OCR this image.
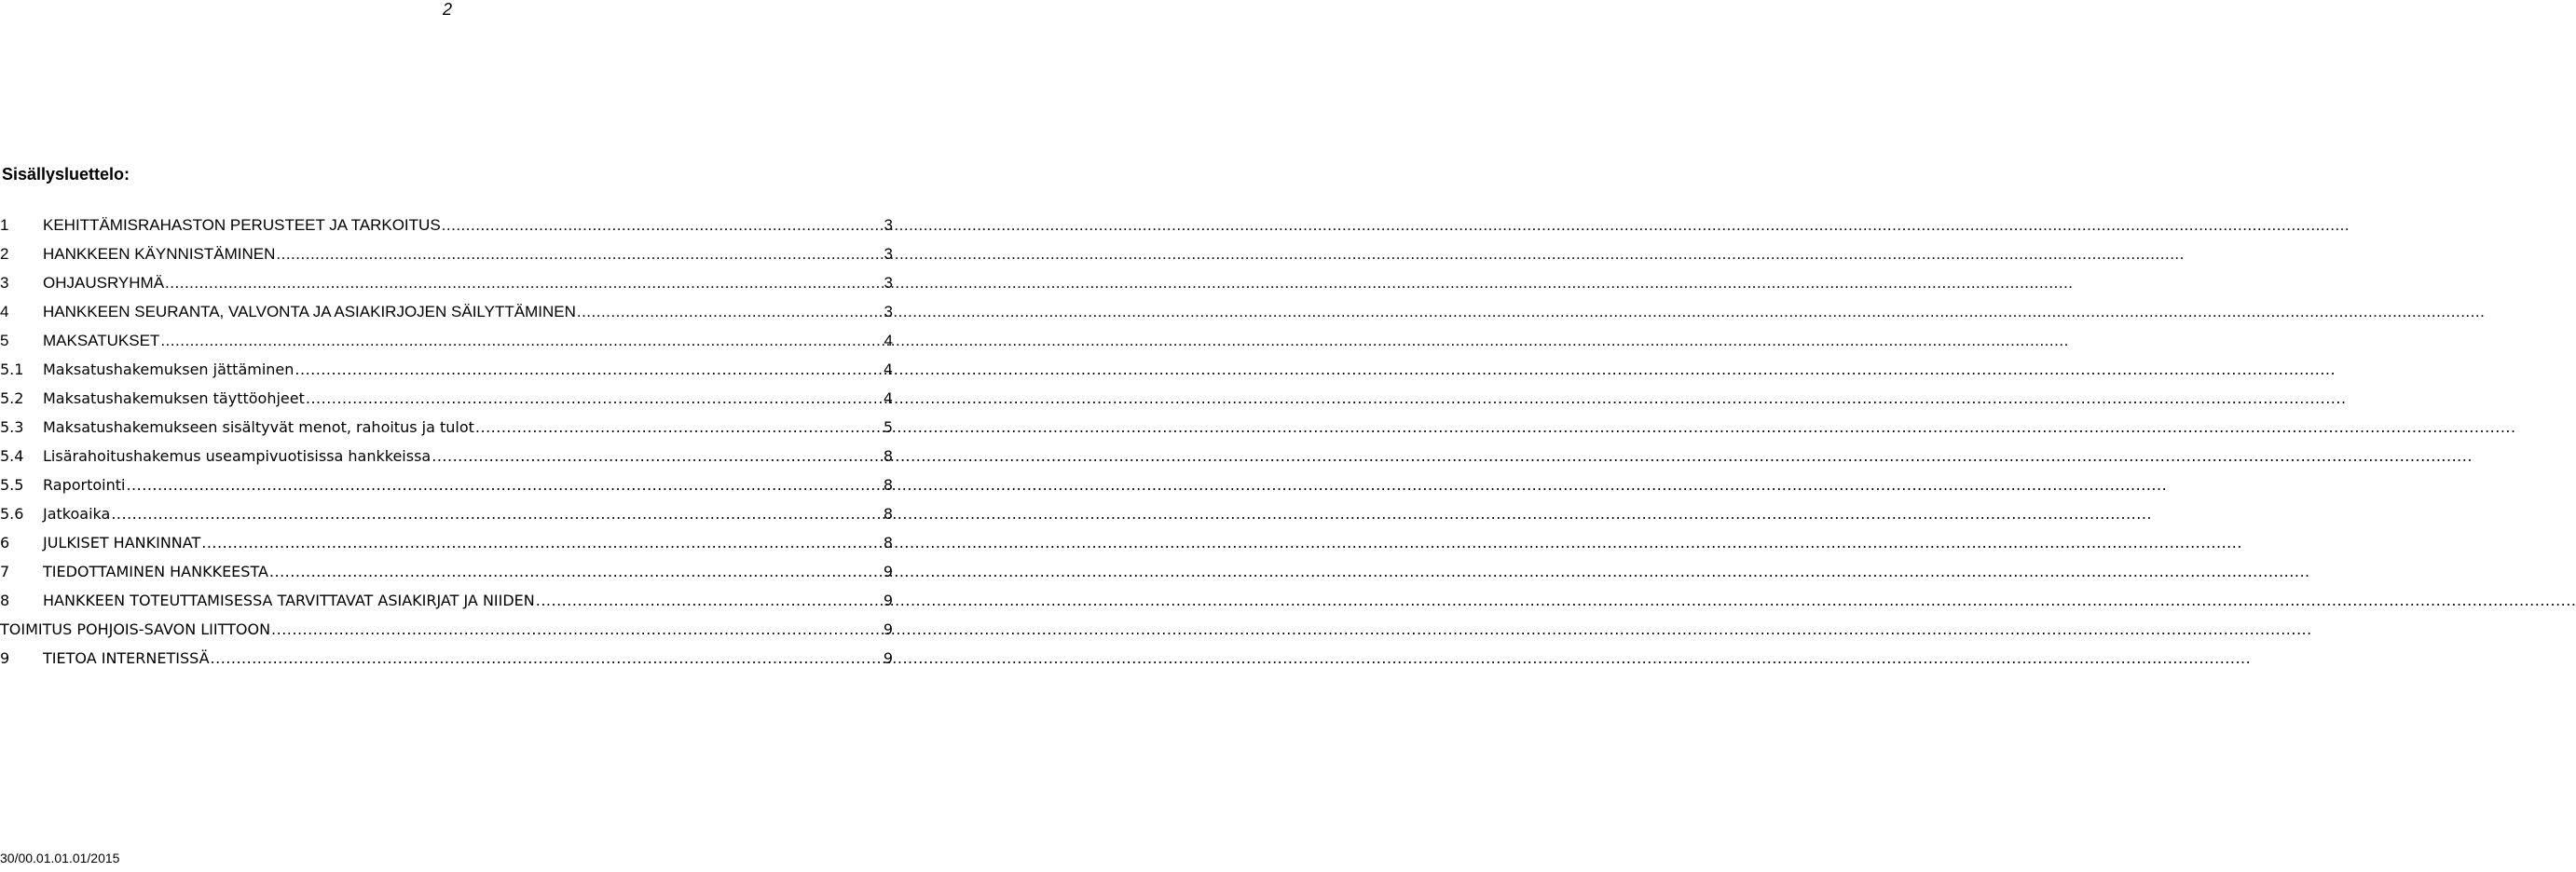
2
Sisällysluettelo:
1	KEHITTÄMISRAHASTON PERUSTEET JA TARKOITUS .....	3
2	HANKKEEN KÄYNNISTÄMINEN .....	3
3	OHJAUSRYHMÄ .....	3
4	HANKKEEN SEURANTA, VALVONTA JA ASIAKIRJOJEN SÄILYTTÄMINEN .....	3
5	MAKSATUKSET .....	4
5.1	Maksatushakemuksen jättäminen .....	4
5.2	Maksatushakemuksen täyttöohjeet .....	4
5.3	Maksatushakemukseen sisältyvät menot, rahoitus ja tulot .....	5
5.4	Lisärahoitushakemus useampivuotisissa hankkeissa .....	8
5.5	Raportointi .....	8
5.6	Jatkoaika .....	8
6	JULKISET HANKINNAT .....	8
7	TIEDOTTAMINEN HANKKEESTA .....	9
8	HANKKEEN TOTEUTTAMISESSA TARVITTAVAT ASIAKIRJAT JA NIIDEN .....	9
TOIMITUS POHJOIS-SAVON LIITTOON .....	9
9	TIETOA INTERNETISSÄ .....	9
30/00.01.01.01/2015
